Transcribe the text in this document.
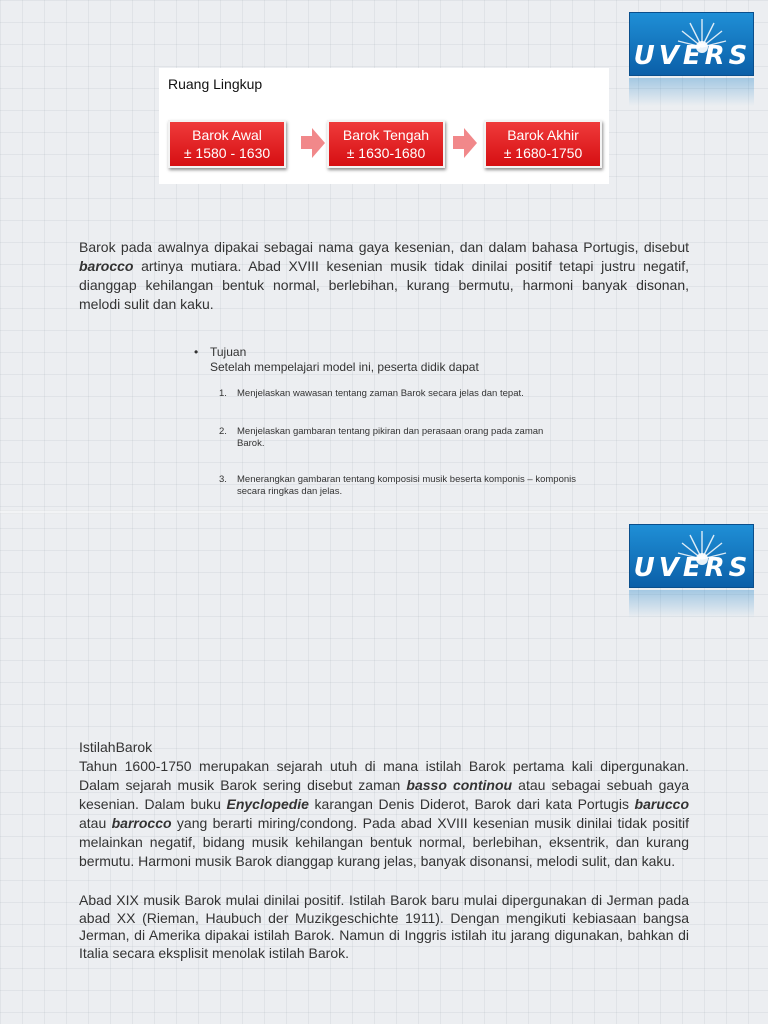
UVERS
Ruang Lingkup
Barok Awal
± 1580 - 1630
Barok Tengah
± 1630-1680
Barok Akhir
± 1680-1750
Barok pada awalnya dipakai sebagai nama gaya kesenian, dan dalam bahasa Portugis, disebut barocco artinya mutiara. Abad XVIII kesenian musik tidak dinilai positif tetapi justru negatif, dianggap kehilangan bentuk normal, berlebihan, kurang bermutu, harmoni banyak disonan, melodi sulit dan kaku.
• Tujuan
Setelah mempelajari model ini, peserta didik dapat
1. Menjelaskan wawasan tentang zaman Barok secara jelas dan tepat.
2. Menjelaskan gambaran tentang pikiran dan perasaan orang pada zaman Barok.
3. Menerangkan gambaran tentang komposisi musik beserta komponis – komponis secara ringkas dan jelas.
UVERS
IstilahBarok
Tahun 1600-1750 merupakan sejarah utuh di mana istilah Barok pertama kali dipergunakan. Dalam sejarah musik Barok sering disebut zaman basso continou atau sebagai sebuah gaya kesenian. Dalam buku Enyclopedie karangan Denis Diderot, Barok dari kata Portugis barucco atau barrocco yang berarti miring/condong. Pada abad XVIII kesenian musik dinilai tidak positif melainkan negatif, bidang musik kehilangan bentuk normal, berlebihan, eksentrik, dan kurang bermutu. Harmoni musik Barok dianggap kurang jelas, banyak disonansi, melodi sulit, dan kaku.
Abad XIX musik Barok mulai dinilai positif. Istilah Barok baru mulai dipergunakan di Jerman pada abad XX (Rieman, Haubuch der Muzikgeschichte 1911). Dengan mengikuti kebiasaan bangsa Jerman, di Amerika dipakai istilah Barok. Namun di Inggris istilah itu jarang digunakan, bahkan di Italia secara eksplisit menolak istilah Barok.
